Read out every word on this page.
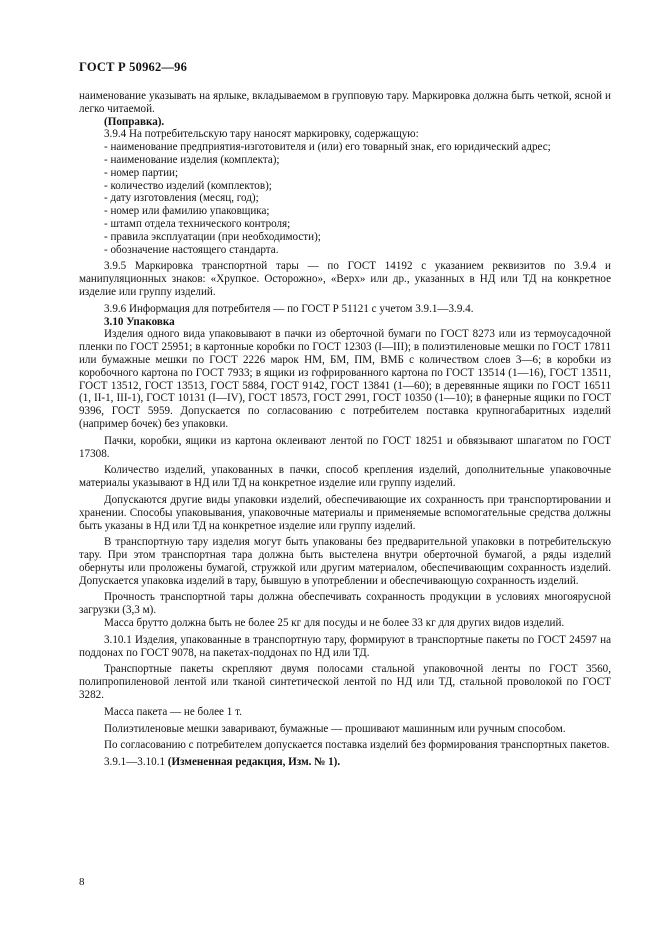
ГОСТ Р 50962—96

наименование указывать на ярлыке, вкладываемом в групповую тару. Маркировка должна быть четкой, ясной и легко читаемой.

(Поправка).

3.9.4 На потребительскую тару наносят маркировку, содержащую:

- наименование предприятия-изготовителя и (или) его товарный знак, его юридический адрес;

- наименование изделия (комплекта);

- номер партии;

- количество изделий (комплектов);

- дату изготовления (месяц, год);

- номер или фамилию упаковщика;

- штамп отдела технического контроля;

- правила эксплуатации (при необходимости);

- обозначение настоящего стандарта.

3.9.5 Маркировка транспортной тары — по ГОСТ 14192 с указанием реквизитов по 3.9.4 и манипуляционных знаков: «Хрупкое. Осторожно», «Верх» или др., указанных в НД или ТД на конкретное изделие или группу изделий.

3.9.6 Информация для потребителя — по ГОСТ Р 51121 с учетом 3.9.1—3.9.4.

3.10 Упаковка

Изделия одного вида упаковывают в пачки из оберточной бумаги по ГОСТ 8273 или из термоусадочной пленки по ГОСТ 25951; в картонные коробки по ГОСТ 12303 (I—III); в полиэтиленовые мешки по ГОСТ 17811 или бумажные мешки по ГОСТ 2226 марок НМ, БМ, ПМ, ВМБ с количеством слоев 3—6; в коробки из коробочного картона по ГОСТ 7933; в ящики из гофрированного картона по ГОСТ 13514 (1—16), ГОСТ 13511, ГОСТ 13512, ГОСТ 13513, ГОСТ 5884, ГОСТ 9142, ГОСТ 13841 (1—60); в деревянные ящики по ГОСТ 16511 (1, II-1, III-1), ГОСТ 10131 (I—IV), ГОСТ 18573, ГОСТ 2991, ГОСТ 10350 (1—10); в фанерные ящики по ГОСТ 9396, ГОСТ 5959. Допускается по согласованию с потребителем поставка крупногабаритных изделий (например бочек) без упаковки.

Пачки, коробки, ящики из картона оклеивают лентой по ГОСТ 18251 и обвязывают шпагатом по ГОСТ 17308.

Количество изделий, упакованных в пачки, способ крепления изделий, дополнительные упаковочные материалы указывают в НД или ТД на конкретное изделие или группу изделий.

Допускаются другие виды упаковки изделий, обеспечивающие их сохранность при транспортировании и хранении. Способы упаковывания, упаковочные материалы и применяемые вспомогательные средства должны быть указаны в НД или ТД на конкретное изделие или группу изделий.

В транспортную тару изделия могут быть упакованы без предварительной упаковки в потребительскую тару. При этом транспортная тара должна быть выстелена внутри оберточной бумагой, а ряды изделий обернуты или проложены бумагой, стружкой или другим материалом, обеспечивающим сохранность изделий. Допускается упаковка изделий в тару, бывшую в употреблении и обеспечивающую сохранность изделий.

Прочность транспортной тары должна обеспечивать сохранность продукции в условиях многоярусной загрузки (3,3 м).

Масса брутто должна быть не более 25 кг для посуды и не более 33 кг для других видов изделий.

3.10.1 Изделия, упакованные в транспортную тару, формируют в транспортные пакеты по ГОСТ 24597 на поддонах по ГОСТ 9078, на пакетах-поддонах по НД или ТД.

Транспортные пакеты скрепляют двумя полосами стальной упаковочной ленты по ГОСТ 3560, полипропиленовой лентой или тканой синтетической лентой по НД или ТД, стальной проволокой по ГОСТ 3282.

Масса пакета — не более 1 т.

Полиэтиленовые мешки заваривают, бумажные — прошивают машинным или ручным способом.

По согласованию с потребителем допускается поставка изделий без формирования транспортных пакетов.

3.9.1—3.10.1 (Измененная редакция, Изм. № 1).

8
